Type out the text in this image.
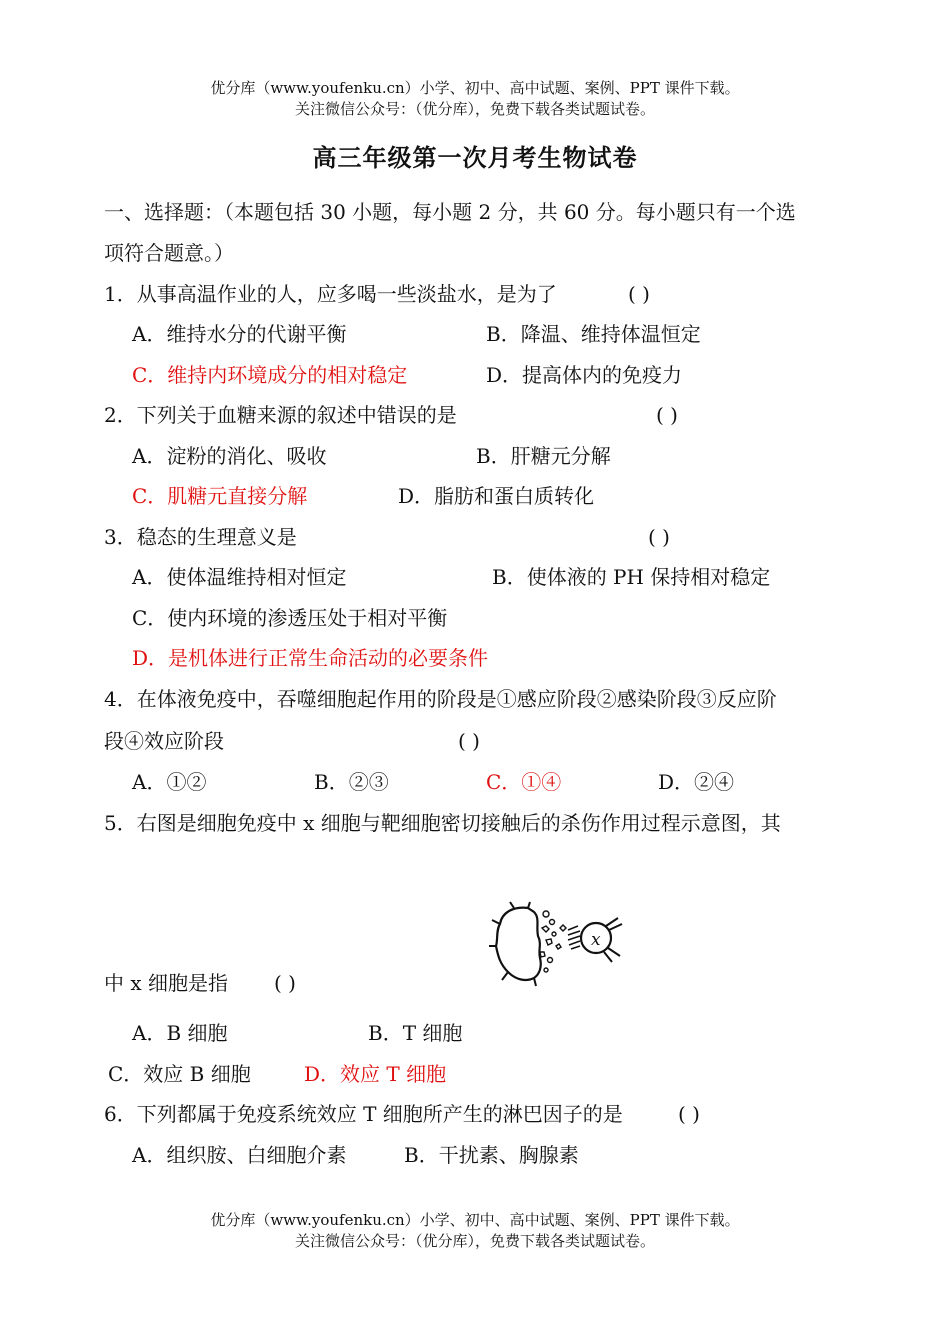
优分库（www.youfenku.cn）小学、初中、高中试题、案例、PPT 课件下载。
关注微信公众号：（优分库），免费下载各类试题试卷。
高三年级第一次月考生物试卷
一、选择题：（本题包括 30 小题，每小题 2 分，共 60 分。每小题只有一个选
项符合题意。）
1．从事高温作业的人，应多喝一些淡盐水，是为了	( )
A．维持水分的代谢平衡	B．降温、维持体温恒定
C．维持内环境成分的相对稳定	D．提高体内的免疫力
2．下列关于血糖来源的叙述中错误的是	( )
A．淀粉的消化、吸收	B．肝糖元分解
C．肌糖元直接分解	D．脂肪和蛋白质转化
3．稳态的生理意义是	( )
A．使体温维持相对恒定	B．使体液的 PH 保持相对稳定
C．使内环境的渗透压处于相对平衡
D．是机体进行正常生命活动的必要条件
4．在体液免疫中，吞噬细胞起作用的阶段是①感应阶段②感染阶段③反应阶
段④效应阶段	( )
A．①②	B．②③	C．①④	D．②④
5．右图是细胞免疫中 x 细胞与靶细胞密切接触后的杀伤作用过程示意图，其
x
中 x 细胞是指 ( )
A．B 细胞	B．T 细胞
C．效应 B 细胞	D．效应 T 细胞
6．下列都属于免疫系统效应 T 细胞所产生的淋巴因子的是	( )
A．组织胺、白细胞介素	B．干扰素、胸腺素
优分库（www.youfenku.cn）小学、初中、高中试题、案例、PPT 课件下载。
关注微信公众号：（优分库），免费下载各类试题试卷。
